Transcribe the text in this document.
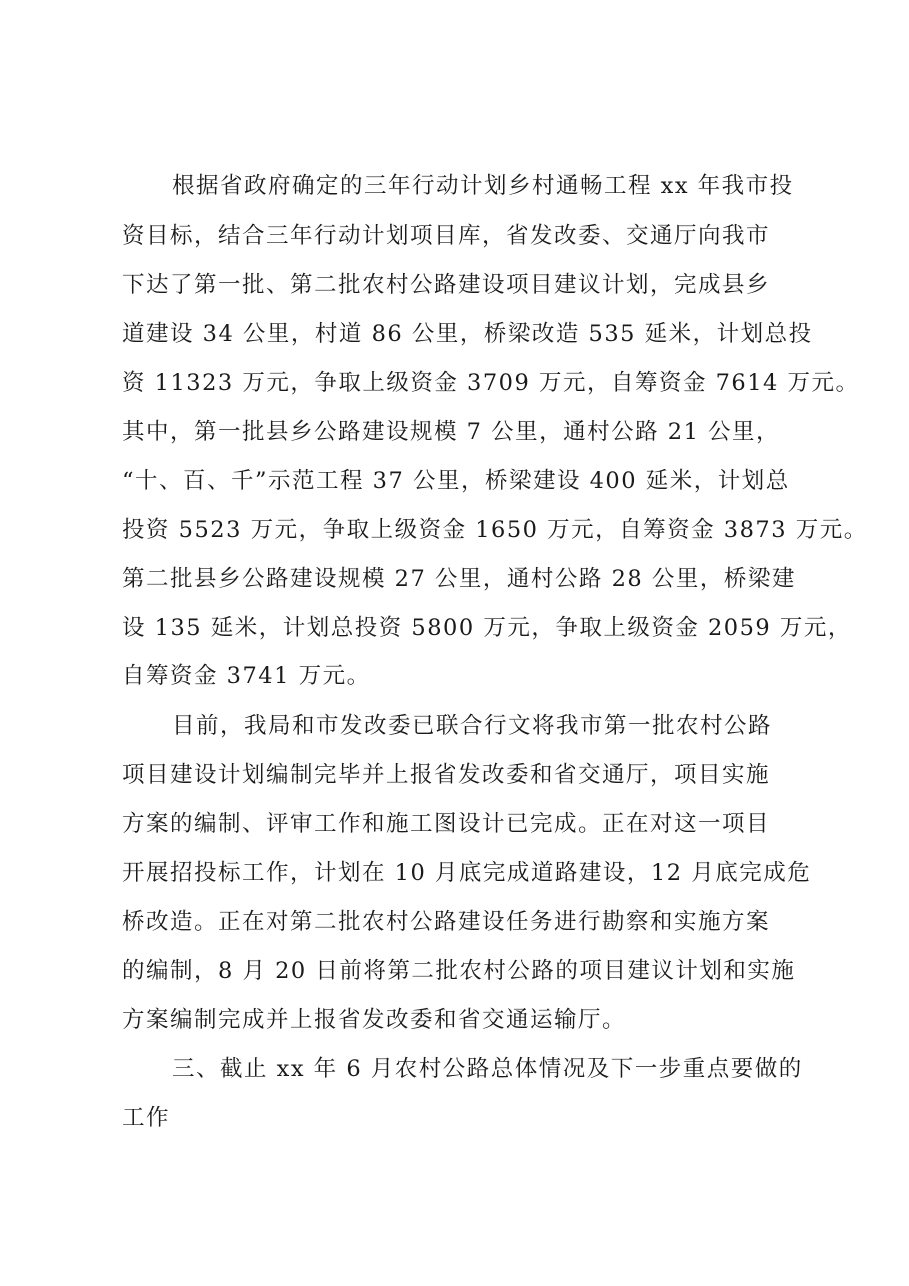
根据省政府确定的三年行动计划乡村通畅工程 xx 年我市投
资目标，结合三年行动计划项目库，省发改委、交通厅向我市
下达了第一批、第二批农村公路建设项目建议计划，完成县乡
道建设 34 公里，村道 86 公里，桥梁改造 535 延米，计划总投
资 11323 万元，争取上级资金 3709 万元，自筹资金 7614 万元。
其中，第一批县乡公路建设规模 7 公里，通村公路 21 公里，
“十、百、千”示范工程 37 公里，桥梁建设 400 延米，计划总
投资 5523 万元，争取上级资金 1650 万元，自筹资金 3873 万元。
第二批县乡公路建设规模 27 公里，通村公路 28 公里，桥梁建
设 135 延米，计划总投资 5800 万元，争取上级资金 2059 万元，
自筹资金 3741 万元。
目前，我局和市发改委已联合行文将我市第一批农村公路
项目建设计划编制完毕并上报省发改委和省交通厅，项目实施
方案的编制、评审工作和施工图设计已完成。正在对这一项目
开展招投标工作，计划在 10 月底完成道路建设，12 月底完成危
桥改造。正在对第二批农村公路建设任务进行勘察和实施方案
的编制，8 月 20 日前将第二批农村公路的项目建议计划和实施
方案编制完成并上报省发改委和省交通运输厅。
三、截止 xx 年 6 月农村公路总体情况及下一步重点要做的
工作
